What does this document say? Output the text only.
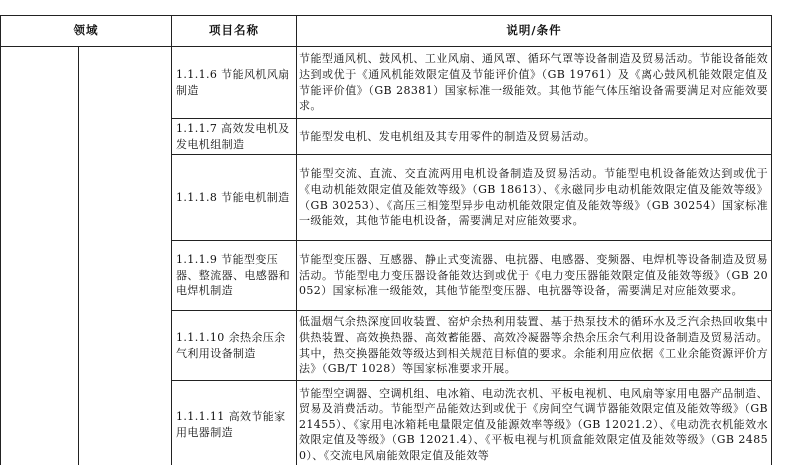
领域		项目名称	说明/条件
		1.1.1.6 节能风机风扇制造	节能型通风机、鼓风机、工业风扇、通风罩、循环气罩等设备制造及贸易活动。节能设备能效达到或优于《通风机能效限定值及节能评价值》（GB 19761）及《离心鼓风机能效限定值及节能评价值》（GB 28381）国家标准一级能效。其他节能气体压缩设备需要满足对应能效要求。
		1.1.1.7 高效发电机及发电机组制造	节能型发电机、发电机组及其专用零件的制造及贸易活动。
		1.1.1.8 节能电机制造	节能型交流、直流、交直流两用电机设备制造及贸易活动。节能型电机设备能效达到或优于《电动机能效限定值及能效等级》（GB 18613）、《永磁同步电动机能效限定值及能效等级》（GB 30253）、《高压三相笼型异步电动机能效限定值及能效等级》（GB 30254）国家标准一级能效，其他节能电机设备，需要满足对应能效要求。
		1.1.1.9 节能型变压器、整流器、电感器和电焊机制造	节能型变压器、互感器、静止式变流器、电抗器、电感器、变频器、电焊机等设备制造及贸易活动。节能型电力变压器设备能效达到或优于《电力变压器能效限定值及能效等级》（GB 20052）国家标准一级能效，其他节能型变压器、电抗器等设备，需要满足对应能效要求。
		1.1.1.10 余热余压余气利用设备制造	低温烟气余热深度回收装置、窑炉余热利用装置、基于热泵技术的循环水及乏汽余热回收集中供热装置、高效换热器、高效蓄能器、高效冷凝器等余热余压余气利用设备制造及贸易活动。其中，热交换器能效等级达到相关规范目标值的要求。余能利用应依据《工业余能资源评价方法》（GB/T 1028）等国家标准要求开展。
		1.1.1.11 高效节能家用电器制造	节能型空调器、空调机组、电冰箱、电动洗衣机、平板电视机、电风扇等家用电器产品制造、贸易及消费活动。节能型产品能效达到或优于《房间空气调节器能效限定值及能效等级》（GB 21455）、《家用电冰箱耗电量限定值及能源效率等级》（GB 12021.2）、《电动洗衣机能效水效限定值及等级》（GB 12021.4）、《平板电视与机顶盒能效限定值及能效等级》（GB 24850）、《交流电风扇能效限定值及能效等
